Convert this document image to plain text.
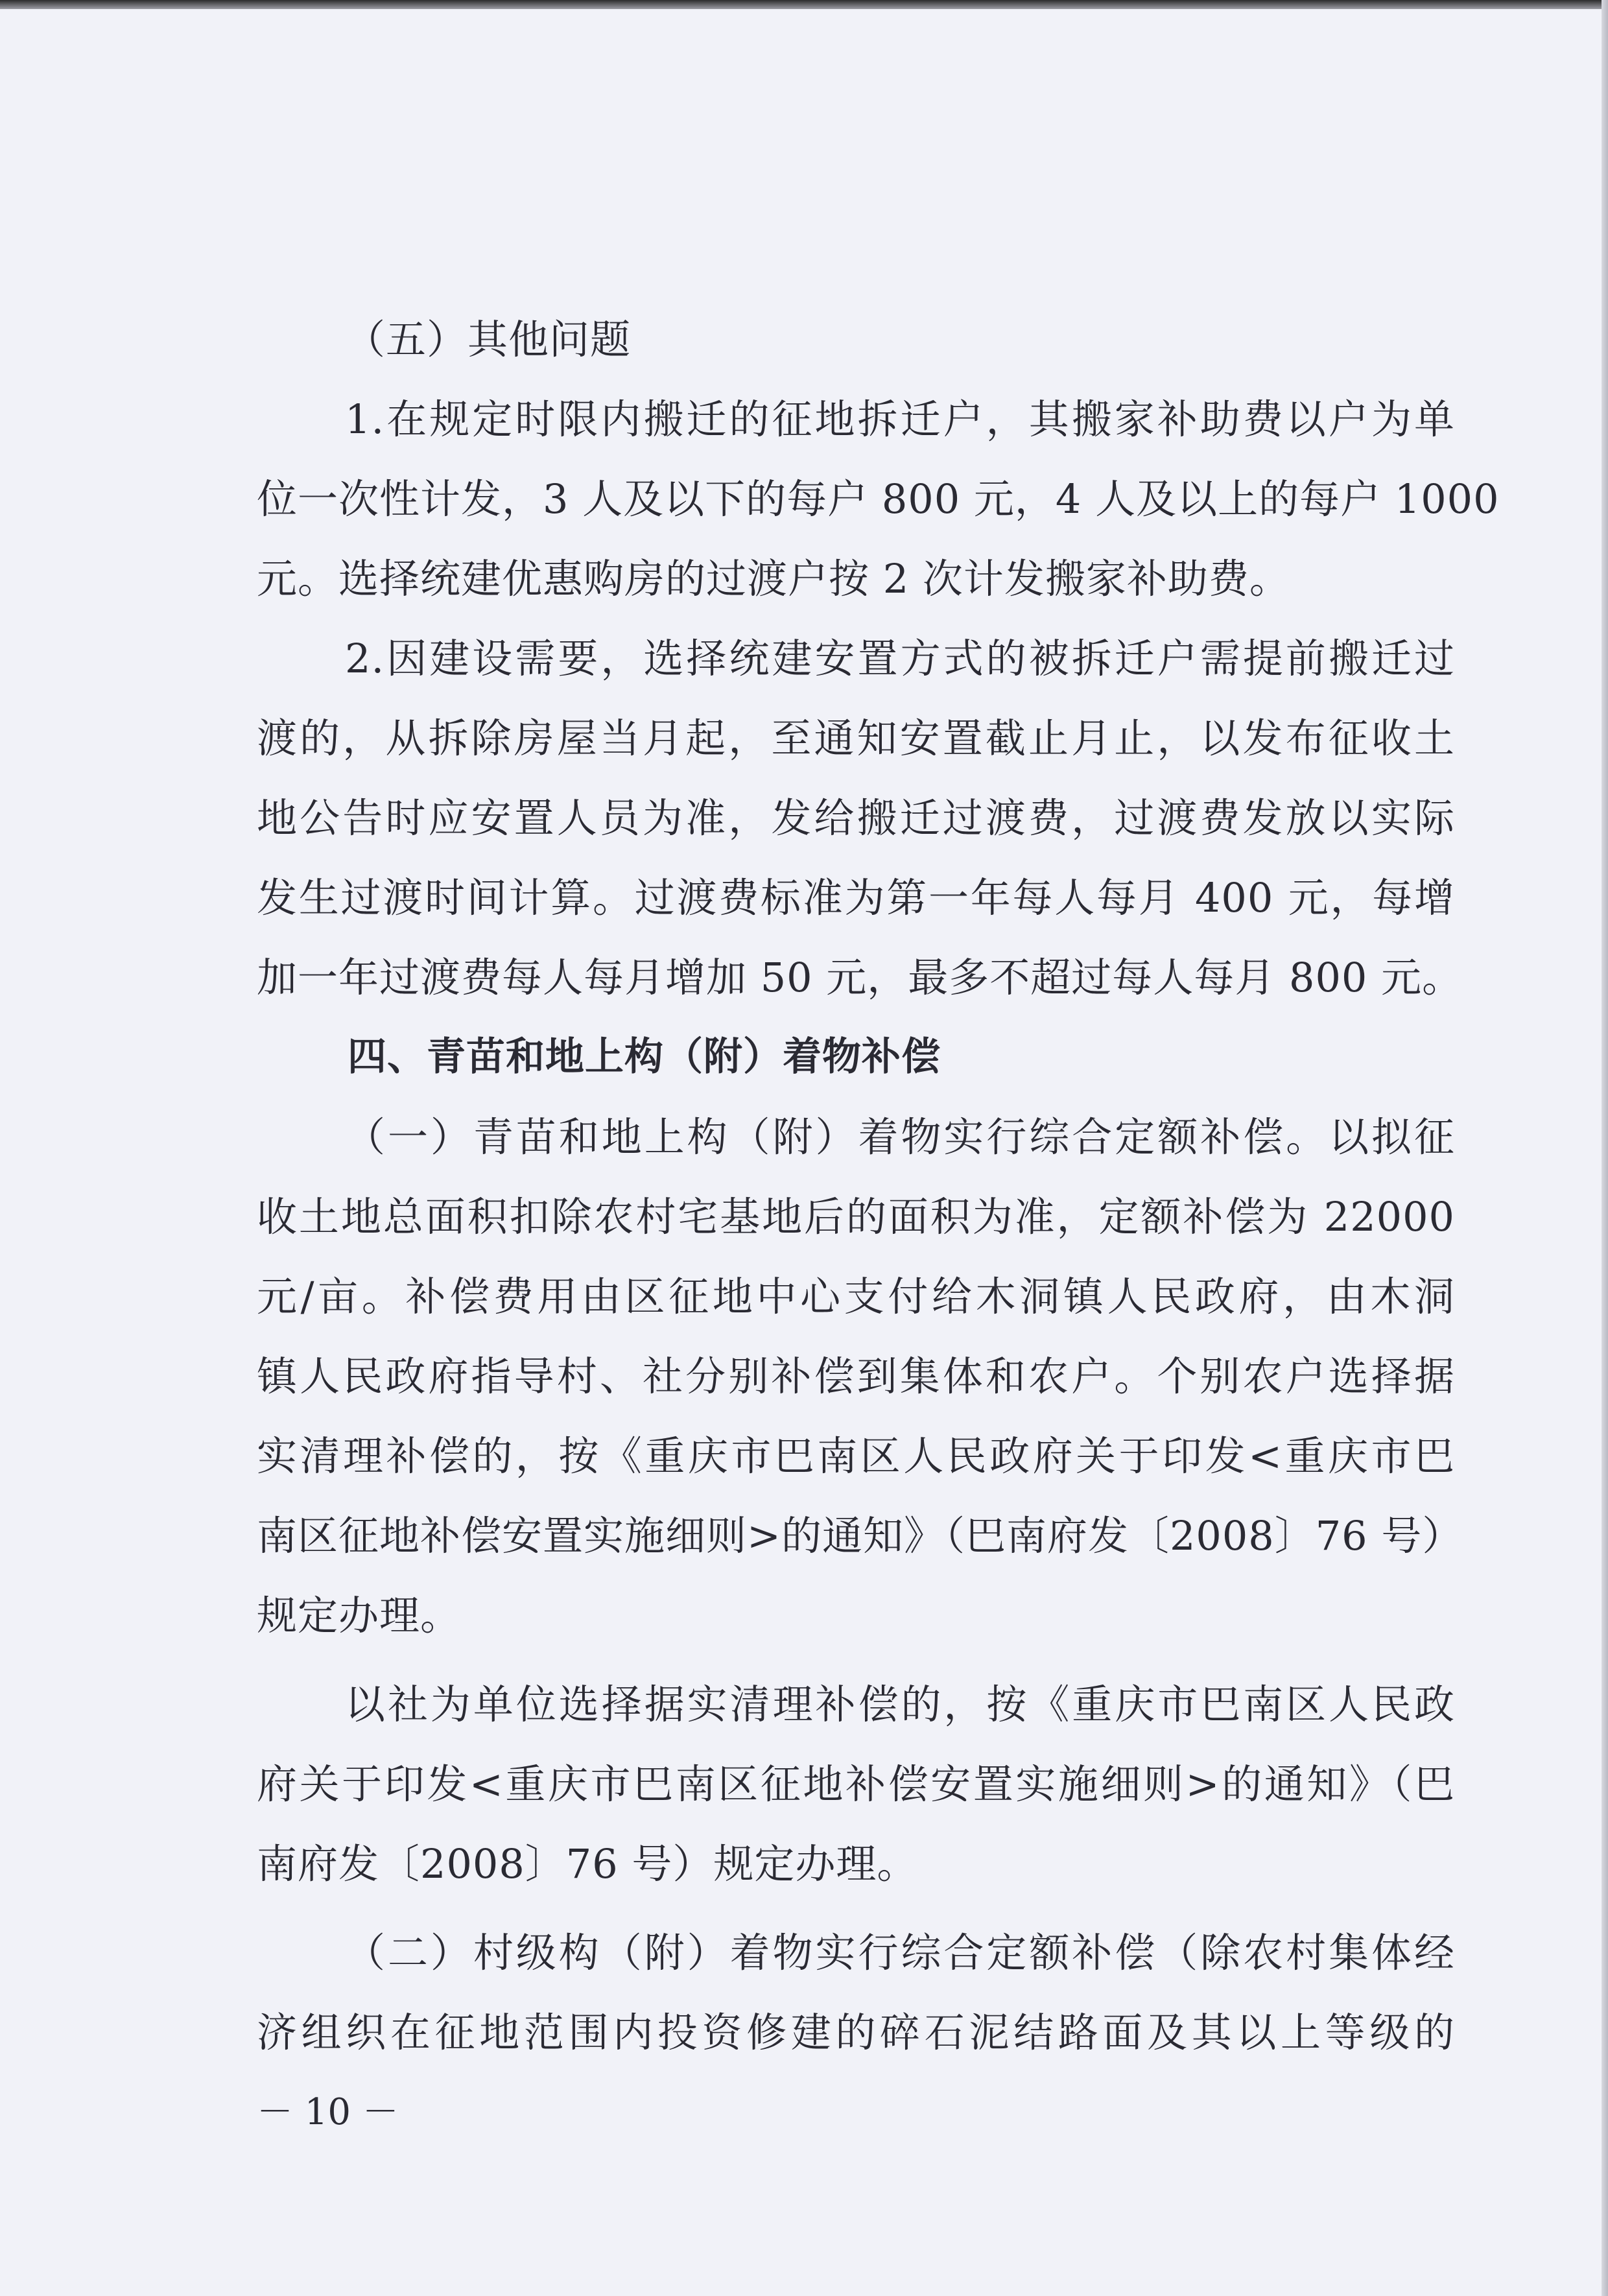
（五）其他问题
1.在规定时限内搬迁的征地拆迁户，其搬家补助费以户为单
位一次性计发，3 人及以下的每户 800 元，4 人及以上的每户 1000
元。选择统建优惠购房的过渡户按 2 次计发搬家补助费。
2.因建设需要，选择统建安置方式的被拆迁户需提前搬迁过
渡的，从拆除房屋当月起，至通知安置截止月止，以发布征收土
地公告时应安置人员为准，发给搬迁过渡费，过渡费发放以实际
发生过渡时间计算。过渡费标准为第一年每人每月 400 元，每增
加一年过渡费每人每月增加 50 元，最多不超过每人每月 800 元。
四、青苗和地上构（附）着物补偿
（一）青苗和地上构（附）着物实行综合定额补偿。以拟征
收土地总面积扣除农村宅基地后的面积为准，定额补偿为 22000
元/亩。补偿费用由区征地中心支付给木洞镇人民政府，由木洞
镇人民政府指导村、社分别补偿到集体和农户。个别农户选择据
实清理补偿的，按《重庆市巴南区人民政府关于印发<重庆市巴
南区征地补偿安置实施细则>的通知》（巴南府发〔2008〕76 号）
规定办理。
以社为单位选择据实清理补偿的，按《重庆市巴南区人民政
府关于印发<重庆市巴南区征地补偿安置实施细则>的通知》（巴
南府发〔2008〕76 号）规定办理。
（二）村级构（附）着物实行综合定额补偿（除农村集体经
济组织在征地范围内投资修建的碎石泥结路面及其以上等级的
－ 10 －
